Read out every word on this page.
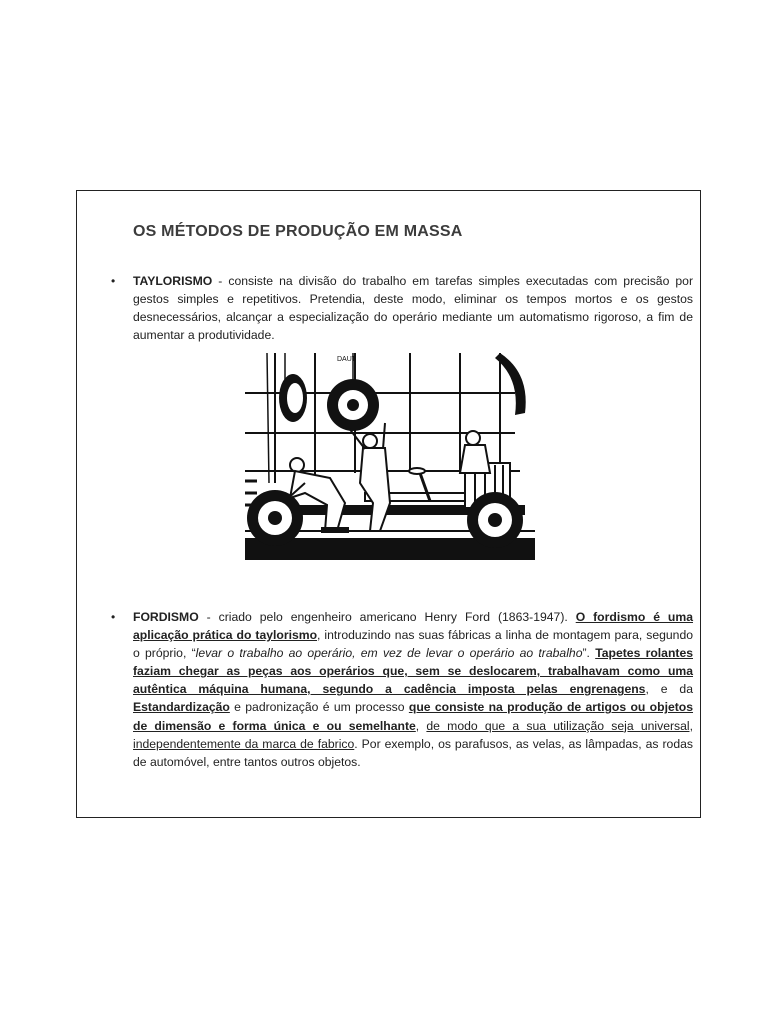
OS MÉTODOS DE PRODUÇÃO EM MASSA
• TAYLORISMO - consiste na divisão do trabalho em tarefas simples executadas com precisão por gestos simples e repetitivos. Pretendia, deste modo, eliminar os tempos mortos e os gestos desnecessários, alcançar a especialização do operário mediante um automatismo rigoroso, a fim de aumentar a produtividade.

DAUT
• FORDISMO - criado pelo engenheiro americano Henry Ford (1863-1947). O fordismo é uma aplicação prática do taylorismo, introduzindo nas suas fábricas a linha de montagem para, segundo o próprio, “levar o trabalho ao operário, em vez de levar o operário ao trabalho”. Tapetes rolantes faziam chegar as peças aos operários que, sem se deslocarem, trabalhavam como uma autêntica máquina humana, segundo a cadência imposta pelas engrenagens, e da Estandardização e padronização é um processo que consiste na produção de artigos ou objetos de dimensão e forma única e ou semelhante, de modo que a sua utilização seja universal, independentemente da marca de fabrico. Por exemplo, os parafusos, as velas, as lâmpadas, as rodas de automóvel, entre tantos outros objetos.
